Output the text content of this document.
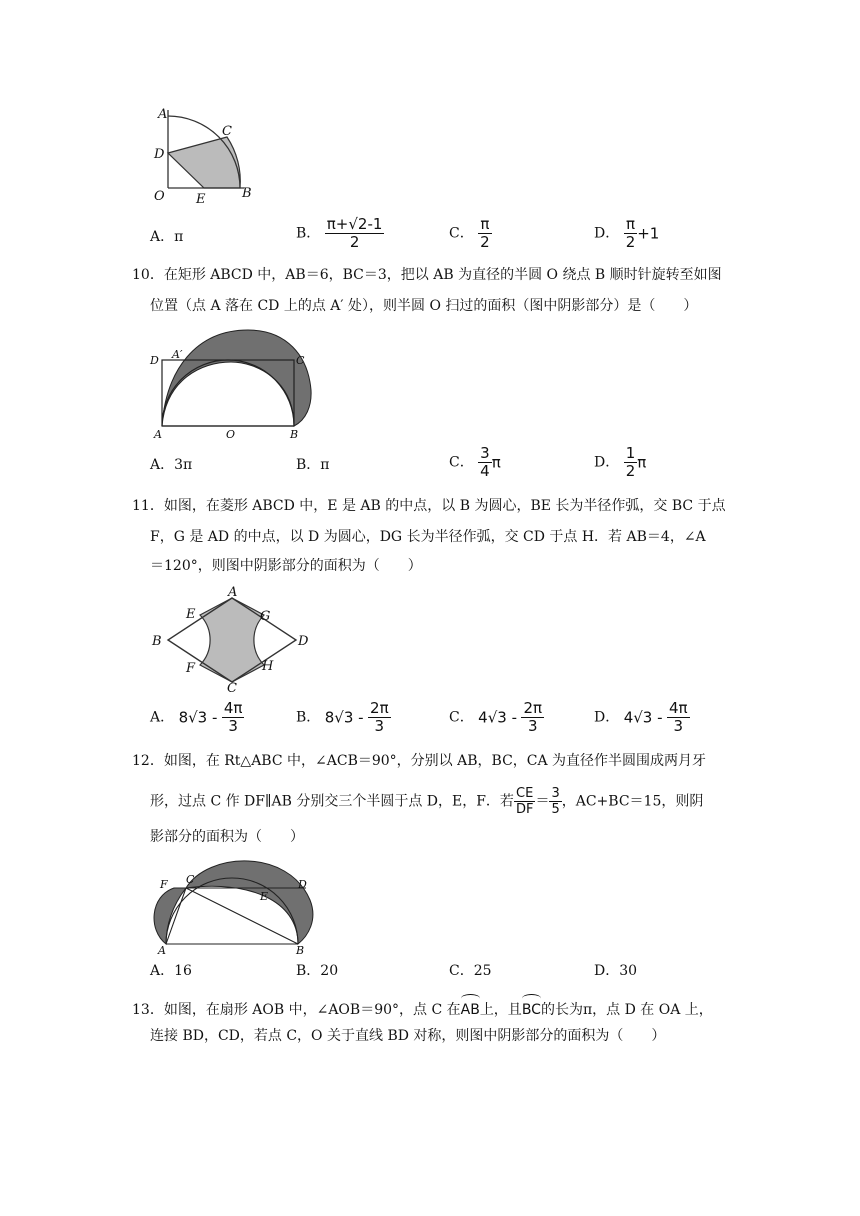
A
C
D
O E	B
A．π	B． $\frac{\pi+√2-1}{2}$	C． $\frac{\pi}{2}$	D． $\frac{\pi}{2} +1$
10．在矩形 ABCD 中，AB＝6，BC＝3，把以 AB 为直径的半圆 O 绕点 B 顺时针旋转至如图
位置（点 A 落在 CD 上的点 A′ 处），则半圆 O 扫过的面积（图中阴影部分）是（　　）
D A′	C
A	O	B
A．3π	B．π	C． $\frac{3}{4}$ π	D． $\frac{1}{2}$ π
11．如图，在菱形 ABCD 中，E 是 AB 的中点，以 B 为圆心，BE 长为半径作弧，交 BC 于点
F，G 是 AD 的中点，以 D 为圆心，DG 长为半径作弧，交 CD 于点 H．若 AB＝4，∠A
＝120°，则图中阴影部分的面积为（　　）
A
E	G
B	D
F	H
C
A． $8√3 - \frac{4\pi}{3}$	B． $8√3 - \frac{2\pi}{3}$	C． $4√3 - \frac{2\pi}{3}$	D． $4√3 - \frac{4\pi}{3}$
12．如图，在 Rt△ABC 中，∠ACB＝90°，分别以 AB，BC，CA 为直径作半圆围成两月牙
形，过点 C 作 DF∥AB 分别交三个半圆于点 D，E，F．若 $\frac{CE}{DF} = \frac{3}{5}$ ，AC+BC＝15，则阴
影部分的面积为（　　）
F C	D
E
A	B
A．16	B．20	C．25	D．30
13．如图，在扇形 AOB 中，∠AOB＝90°，点 C 在
AB上，且
BC的长为π，点 D 在 OA 上，
连接 BD，CD，若点 C，O 关于直线 BD 对称，则图中阴影部分的面积为（　　）
